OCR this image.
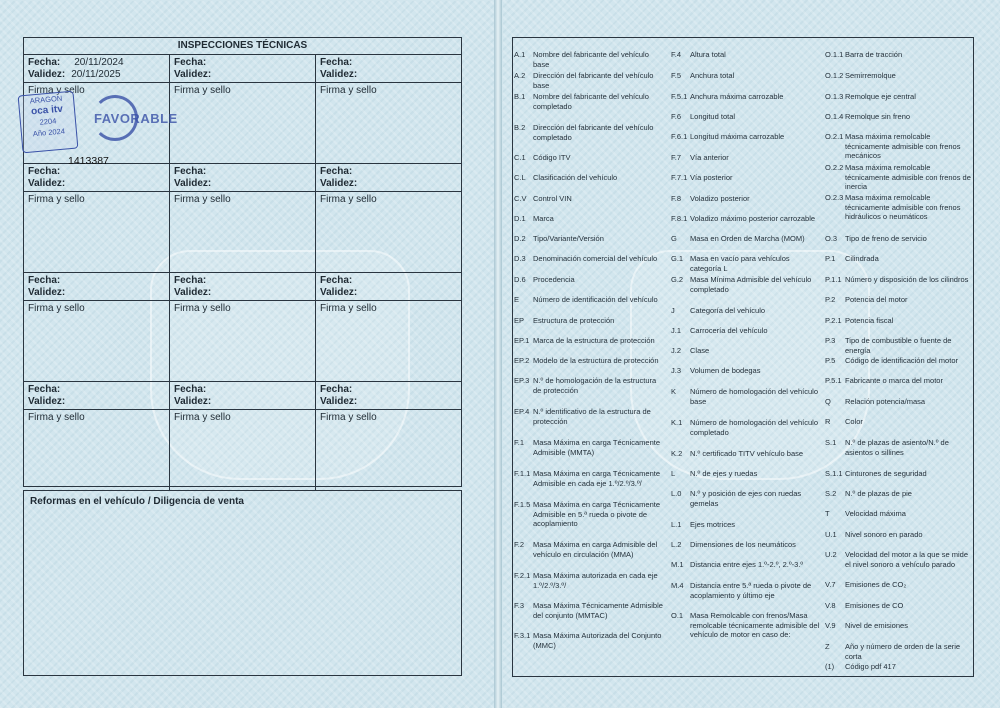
INSPECCIONES TÉCNICAS
Fecha: 20/11/2024
Validez: 20/11/2025
Firma y sello
ARAGON
oca itv
2204
Año 2024
FAVORABLE
1413387
Fecha:
Validez:
Firma y sello
Fecha:
Validez:
Firma y sello
Fecha:
Validez:
Firma y sello
Fecha:
Validez:
Firma y sello
Fecha:
Validez:
Firma y sello
Fecha:
Validez:
Firma y sello
Fecha:
Validez:
Firma y sello
Fecha:
Validez:
Firma y sello
Fecha:
Validez:
Firma y sello
Fecha:
Validez:
Firma y sello
Fecha:
Validez:
Firma y sello
Reformas en el vehículo / Diligencia de venta
A.1	Nombre del fabricante del vehículo base
A.2	Dirección del fabricante del vehículo base
B.1	Nombre del fabricante del vehículo completado
B.2	Dirección del fabricante del vehículo completado
C.1 Código ITV
C.L Clasificación del vehículo
C.V Control VIN
D.1 Marca
D.2 Tipo/Variante/Versión
D.3 Denominación comercial del vehículo
D.6 Procedencia
E	Número de identificación del vehículo
EP	Estructura de protección
EP.1 Marca de la estructura de protección
EP.2 Modelo de la estructura de protección
EP.3 N.º de homologación de la estructura de protección
EP.4 N.º identificativo de la estructura de protección
F.1	Masa Máxima en carga Técnicamente Admisible (MMTA)
F.1.1 Masa Máxima en carga Técnicamente Admisible en cada eje 1.º/2.º/3.º/
F.1.5 Masa Máxima en carga Técnicamente Admisible en 5.ª rueda o pivote de acoplamiento
F.2	Masa Máxima en carga Admisible del vehículo en circulación (MMA)
F.2.1 Masa Máxima autorizada en cada eje 1.º/2.º/3.º/
F.3	Masa Máxima Técnicamente Admisible del conjunto (MMTAC)
F.3.1 Masa Máxima Autorizada del Conjunto (MMC)
F.4	Altura total
F.5	Anchura total
F.5.1 Anchura máxima carrozable
F.6	Longitud total
F.6.1 Longitud máxima carrozable
F.7	Vía anterior
F.7.1 Vía posterior
F.8	Voladizo posterior
F.8.1 Voladizo máximo posterior carrozable
G	Masa en Orden de Marcha (MOM)
G.1 Masa en vacío para vehículos categoría L
G.2 Masa Mínima Admisible del vehículo completado
J	Categoría del vehículo
J.1	Carrocería del vehículo
J.2	Clase
J.3	Volumen de bodegas
K	Número de homologación del vehículo base
K.1	Número de homologación del vehículo completado
K.2	N.º certificado TITV vehículo base
L	N.º de ejes y ruedas
L.0	N.º y posición de ejes con ruedas gemelas
L.1	Ejes motrices
L.2	Dimensiones de los neumáticos
M.1 Distancia entre ejes 1.º-2.º, 2.º-3.º
M.4 Distancia entre 5.ª rueda o pivote de acoplamiento y último eje
O.1 Masa Remolcable con frenos/Masa remolcable técnicamente admisible del vehículo de motor en caso de:
O.1.1 Barra de tracción
O.1.2 Semirremolque
O.1.3 Remolque eje central
O.1.4 Remolque sin freno
O.2.1 Masa máxima remolcable técnicamente admisible con frenos mecánicos
O.2.2 Masa máxima remolcable técnicamente admisible con frenos de inercia
O.2.3 Masa máxima remolcable técnicamente admisible con frenos hidráulicos o neumáticos
O.3	Tipo de freno de servicio
P.1	Cilindrada
P.1.1 Número y disposición de los cilindros
P.2	Potencia del motor
P.2.1 Potencia fiscal
P.3	Tipo de combustible o fuente de energía
P.5	Código de identificación del motor
P.5.1 Fabricante o marca del motor
Q	Relación potencia/masa
R	Color
S.1	N.º de plazas de asiento/N.º de asientos o sillines
S.1.1 Cinturones de seguridad
S.2	N.º de plazas de pie
T	Velocidad máxima
U.1	Nivel sonoro en parado
U.2	Velocidad del motor a la que se mide el nivel sonoro a vehículo parado
V.7	Emisiones de CO₂
V.8	Emisiones de CO
V.9	Nivel de emisiones
Z	Año y número de orden de la serie corta
(1)	Código pdf 417
